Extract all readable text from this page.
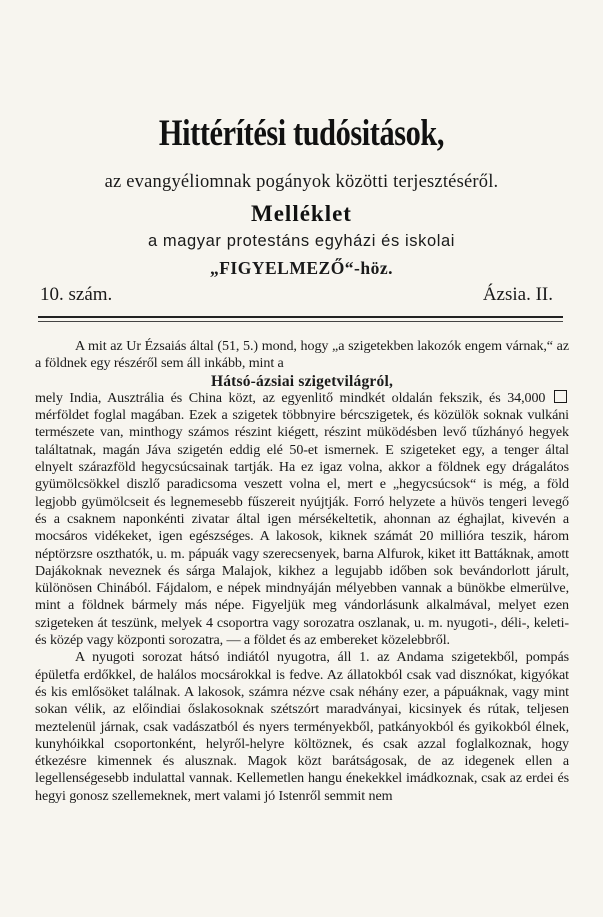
Hittérítési tudósitások,
az evangyéliomnak pogányok közötti terjesztéséről.
Melléklet
a magyar protestáns egyházi és iskolai
„FIGYELMEZŐ“-höz.
10. szám.	Ázsia. II.

A mit az Ur Ézsaiás által (51, 5.) mond, hogy „a szigetekben lakozók engem várnak,“ az a földnek egy részéről sem áll inkább, mint a

Hátsó-ázsiai szigetvilágról,

mely India, Ausztrália és China közt, az egyenlitő mindkét oldalán fekszik, és 34,000  mérföldet foglal magában. Ezek a szigetek többnyire bércszigetek, és közülök soknak vulkáni természete van, minthogy számos részint kiégett, részint müködésben levő tűzhányó hegyek találtatnak, magán Jáva szigetén eddig elé 50-et ismernek. E szigeteket egy, a tenger által elnyelt szárazföld hegycsúcsainak tartják. Ha ez igaz volna, akkor a földnek egy drágalátos gyümölcsökkel diszlő paradicsoma veszett volna el, mert e „hegycsúcsok“ is még, a föld legjobb gyümölcseit és legnemesebb fűszereit nyújtják. Forró helyzete a hüvös tengeri levegő és a csaknem naponkénti zivatar által igen mérsékeltetik, ahonnan az éghajlat, kivevén a mocsáros vidékeket, igen egészséges. A lakosok, kiknek számát 20 millióra teszik, három néptörzsre oszthatók, u. m. pápuák vagy szerecsenyek, barna Alfurok, kiket itt Battáknak, amott Dajákoknak neveznek és sárga Malajok, kikhez a legujabb időben sok bevándorlott járult, különösen Chinából. Fájdalom, e népek mindnyáján mélyebben vannak a bünökbe elmerülve, mint a földnek bármely más népe. Figyeljük meg vándorlásunk alkalmával, melyet ezen szigeteken át teszünk, melyek 4 csoportra vagy sorozatra oszlanak, u. m. nyugoti-, déli-, keleti- és közép vagy központi sorozatra, — a földet és az embereket közelebbről.

A nyugoti sorozat hátsó indiától nyugotra, áll 1. az Andama szigetekből, pompás épületfa erdőkkel, de halálos mocsárokkal is fedve. Az állatokból csak vad disznókat, kigyókat és kis emlősöket találnak. A lakosok, számra nézve csak néhány ezer, a pápuáknak, vagy mint sokan vélik, az előindiai őslakosoknak szétszórt maradványai, kicsinyek és rútak, teljesen meztelenül járnak, csak vadászatból és nyers terményekből, patkányokból és gyikokból élnek, kunyhóikkal csoportonként, helyről-helyre költöznek, és csak azzal foglalkoznak, hogy étkezésre kimennek és alusznak. Magok közt barátságosak, de az idegenek ellen a legellenségesebb indulattal vannak. Kellemetlen hangu énekekkel imádkoznak, csak az erdei és hegyi gonosz szellemeknek, mert valami jó Istenről semmit nem
